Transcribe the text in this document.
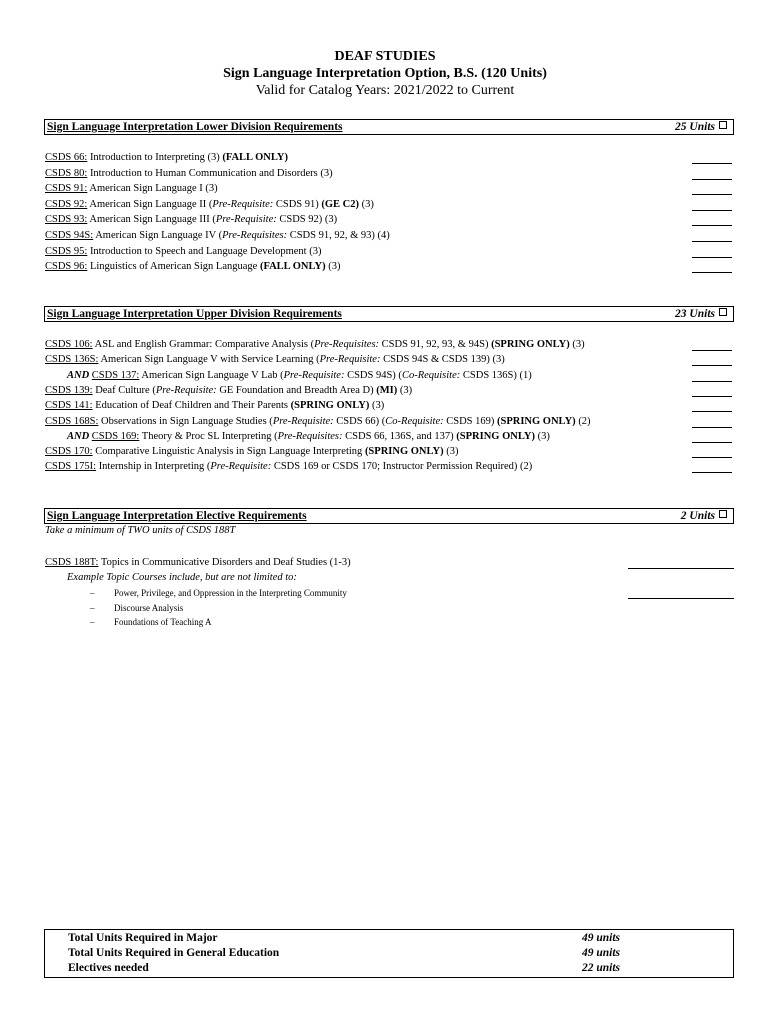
DEAF STUDIES
Sign Language Interpretation Option, B.S. (120 Units)
Valid for Catalog Years: 2021/2022 to Current
Sign Language Interpretation Lower Division Requirements	25 Units
CSDS 66: Introduction to Interpreting (3) (FALL ONLY)
CSDS 80: Introduction to Human Communication and Disorders (3)
CSDS 91: American Sign Language I (3)
CSDS 92: American Sign Language II (Pre-Requisite: CSDS 91) (GE C2) (3)
CSDS 93: American Sign Language III (Pre-Requisite: CSDS 92) (3)
CSDS 94S: American Sign Language IV (Pre-Requisites: CSDS 91, 92, & 93) (4)
CSDS 95: Introduction to Speech and Language Development (3)
CSDS 96: Linguistics of American Sign Language (FALL ONLY) (3)
Sign Language Interpretation Upper Division Requirements	23 Units
CSDS 106: ASL and English Grammar: Comparative Analysis (Pre-Requisites: CSDS 91, 92, 93, & 94S) (SPRING ONLY) (3)
CSDS 136S: American Sign Language V with Service Learning (Pre-Requisite: CSDS 94S & CSDS 139) (3)
AND CSDS 137: American Sign Language V Lab (Pre-Requisite: CSDS 94S) (Co-Requisite: CSDS 136S) (1)
CSDS 139: Deaf Culture (Pre-Requisite: GE Foundation and Breadth Area D) (MI) (3)
CSDS 141: Education of Deaf Children and Their Parents (SPRING ONLY) (3)
CSDS 168S: Observations in Sign Language Studies (Pre-Requisite: CSDS 66) (Co-Requisite: CSDS 169) (SPRING ONLY) (2)
AND CSDS 169: Theory & Proc SL Interpreting (Pre-Requisites: CSDS 66, 136S, and 137) (SPRING ONLY) (3)
CSDS 170: Comparative Linguistic Analysis in Sign Language Interpreting (SPRING ONLY) (3)
CSDS 175I: Internship in Interpreting (Pre-Requisite: CSDS 169 or CSDS 170; Instructor Permission Required) (2)
Sign Language Interpretation Elective Requirements	2 Units
Take a minimum of TWO units of CSDS 188T
CSDS 188T: Topics in Communicative Disorders and Deaf Studies (1-3)
Example Topic Courses include, but are not limited to:
– Power, Privilege, and Oppression in the Interpreting Community
– Discourse Analysis
– Foundations of Teaching A
Total Units Required in Major	49 units
Total Units Required in General Education	49 units
Electives needed	22 units
